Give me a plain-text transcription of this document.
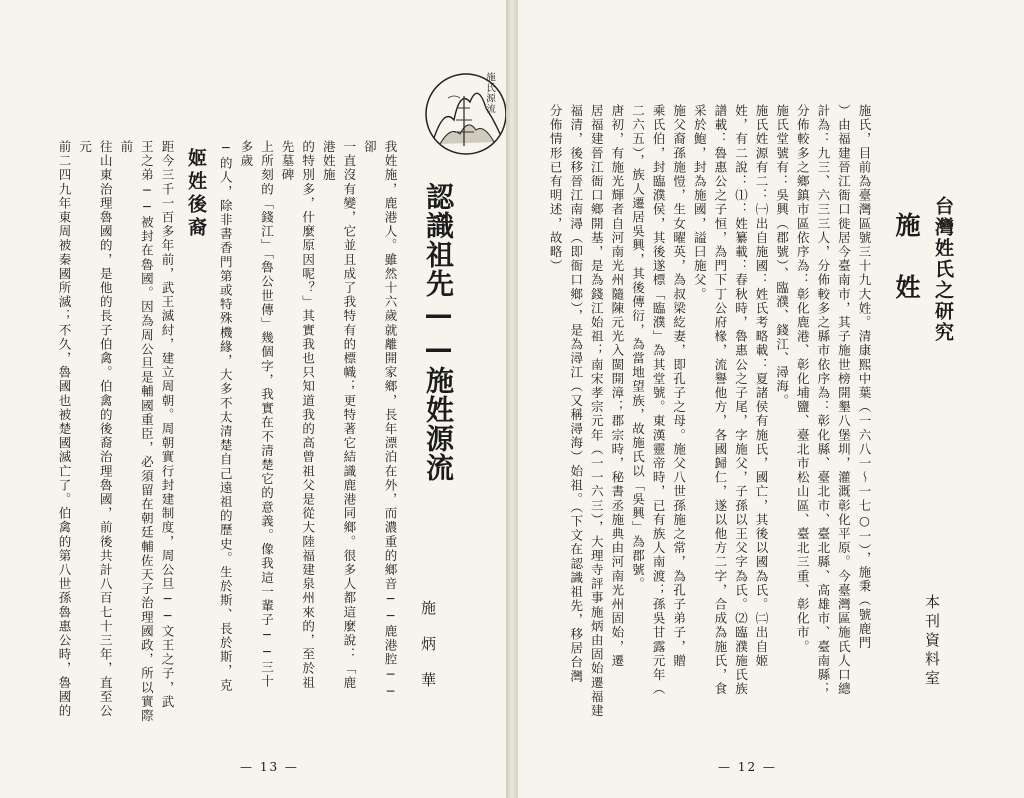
我姓施，鹿港人。雖然十六歲就離開家鄉，長年漂泊在外，而濃重的鄉音──鹿港腔──卻
一直沒有變，它並且成了我特有的標幟；更特著它結識鹿港同鄉。很多人都這麼說：「鹿港姓施
的特別多，什麼原因呢？」其實我也只知道我的高曾祖父是從大陸福建泉州來的，至於祖先墓碑
上所刻的「錢江」「魯公世傳」幾個字，我實在不清楚它的意義。像我這一輩子──三十多歲
─的人，除非書香門第或特殊機緣，大多不太清楚自己遠祖的歷史。生於斯、長於斯，克

姬姓後裔
距今三千一百多年前，武王滅紂，建立周朝。周朝實行封建制度，周公旦──文王之子，武
王之弟──被封在魯國。因為周公旦是輔國重臣，必須留在朝廷輔佐天子治理國政，所以實際前
往山東治理魯國的，是他的長子伯禽。伯禽的後裔治理魯國，前後共計八百七十三年，直至公元
前二四九年東周被秦國所滅；不久，魯國也被楚國滅亡了。伯禽的第八世孫魯惠公時，魯國的

認識祖先——施姓源流
施　炳　華
施氏源流
— 13 —
台灣姓氏之研究
施　姓
本刊資料室
施氏，目前為臺灣區號三十九大姓。清康熙中葉（一六八一～一七○一），施秉（號鹿門
）由福建晉江衙口徙居今臺南市，其子施世榜開墾八堡圳，灌溉彰化平原。今臺灣區施氏人口總
計為：九三、六三三人，分佈較多之縣市依序為：彰化縣、臺北市、臺北縣、高雄市、臺南縣；
分佈較多之鄉鎮市區依序為：彰化鹿港、彰化埔鹽、臺北市松山區、臺北三重、彰化市。
施氏堂號有：吳興（郡號）、臨濮、錢江、潯海。
施氏姓源有二：㈠出自施國：姓氏考略載：夏諸侯有施氏，國亡，其後以國為氏。㈡出自姬
姓，有二說：⑴：姓纂載：春秋時，魯惠公之子尾，字施父，子孫以王父字為氏。⑵臨濮施氏族
譜載：魯惠公之子恒，為門下丁公府椽，流譽他方，各國歸仁，遂以他方二字，合成為施氏，食
采於鮑，封為施國，謚曰施父。
施父裔孫施愷，生女曜英，為叔梁紇妻，即孔子之母。施父八世孫施之常，為孔子弟子，贈
乘氏伯，封臨濮侯，其後遂標「臨濮」為其堂號。東漢靈帝時，已有族人南渡；孫吳甘露元年（
二六五），族人遷居吳興，其後傳衍，為當地望族，故施氏以「吳興」為郡號。
唐初，有施光輝者自河南光州隨陳元光入閩開漳；郡宗時，秘書丞施典由河南光州固始，遷
居福建晉江衙口鄉開基，是為錢江始祖；南宋孝宗元年（一一六三），大理寺評事施炳由固始遷福建
福清，後移晉江南潯（即衙口鄉），是為潯江（又稱潯海）始祖。（下文在認識祖先，移居台灣
分佈情形已有明述，故略）
— 12 —
